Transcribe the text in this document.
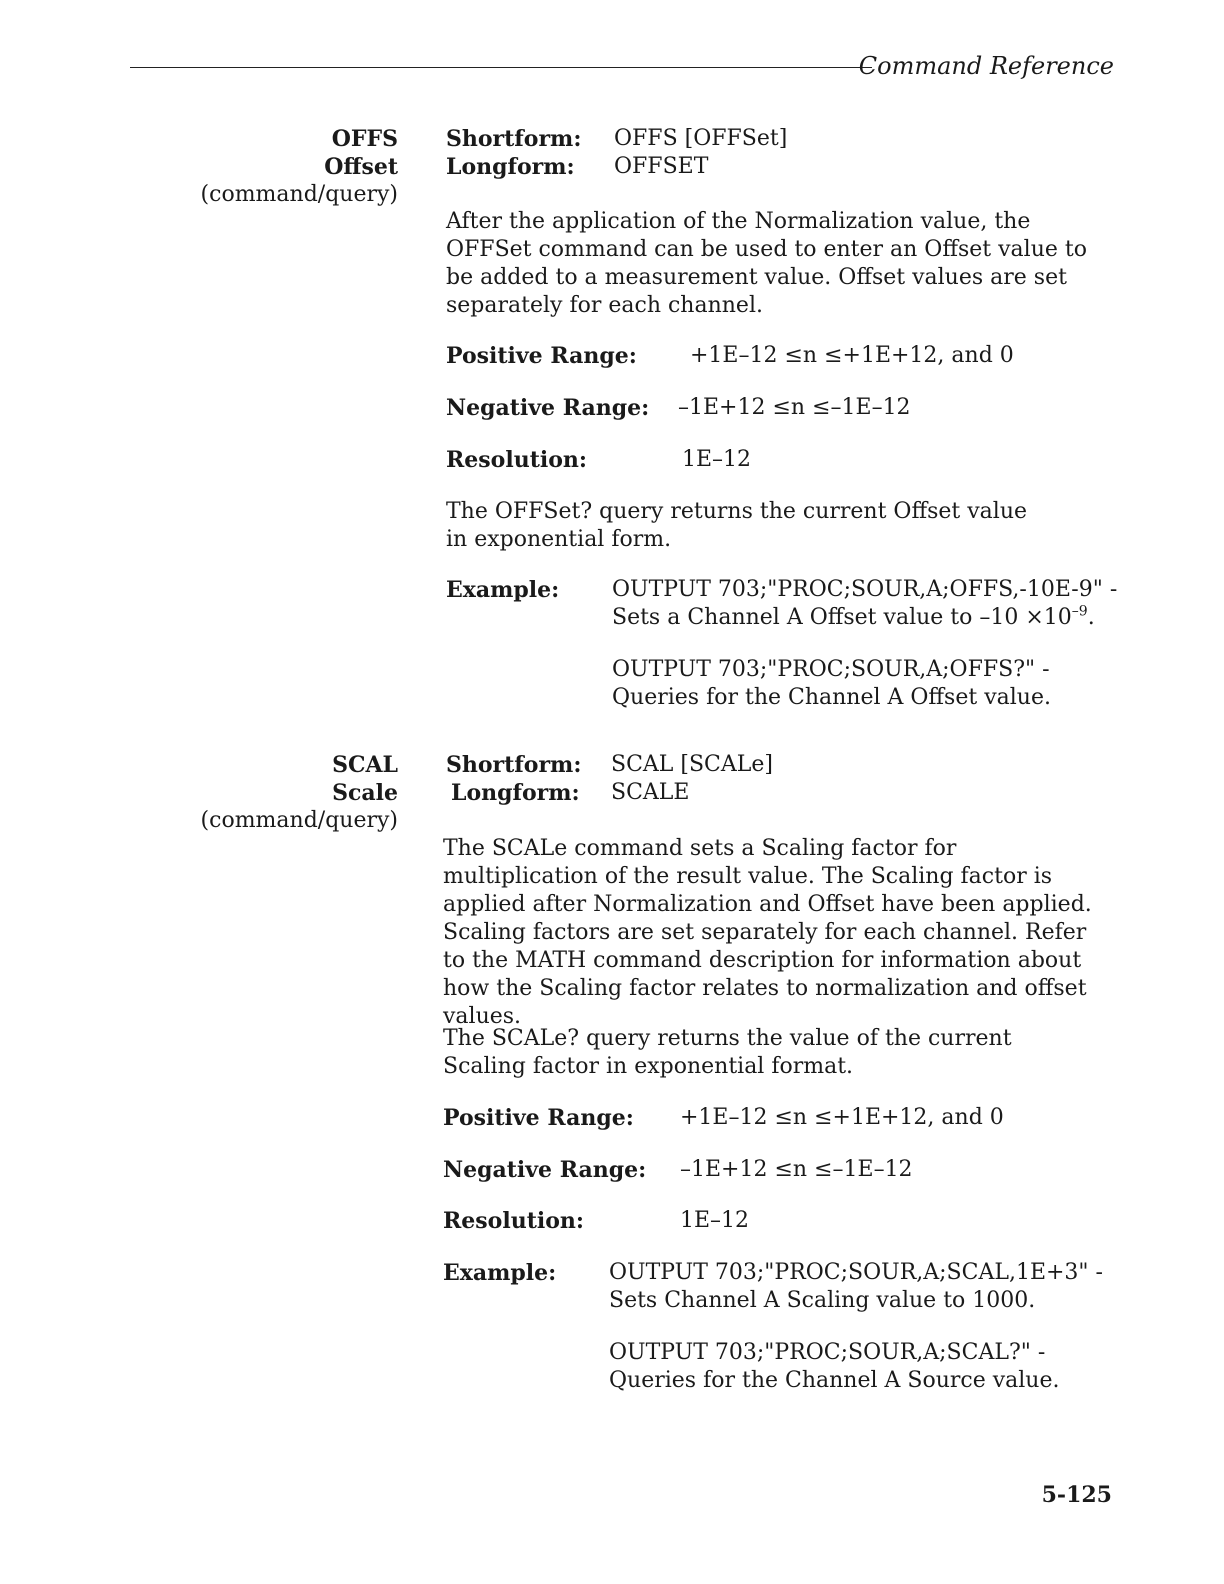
Command Reference
OFFS
Offset
(command/query)
Shortform: OFFS [OFFSet]
Longform: OFFSET
After the application of the Normalization value, the OFFSet command can be used to enter an Offset value to be added to a measurement value. Offset values are set separately for each channel.
Positive Range: +1E–12 ≤n ≤+1E+12, and 0
Negative Range: –1E+12 ≤n ≤–1E–12
Resolution:	1E–12
The OFFSet? query returns the current Offset value in exponential form.
Example: OUTPUT 703;"PROC;SOUR,A;OFFS,-10E-9" -
Sets a Channel A Offset value to $-10 \times 10^{-9}$.
OUTPUT 703;"PROC;SOUR,A;OFFS?" -
Queries for the Channel A Offset value.
SCAL
Scale
(command/query)
Shortform: SCAL [SCALe]
Longform: SCALE
The SCALe command sets a Scaling factor for multiplication of the result value. The Scaling factor is applied after Normalization and Offset have been applied. Scaling factors are set separately for each channel. Refer to the MATH command description for information about how the Scaling factor relates to normalization and offset values.
The SCALe? query returns the value of the current Scaling factor in exponential format.
Positive Range: +1E–12 ≤n ≤+1E+12, and 0
Negative Range: –1E+12 ≤n ≤–1E–12
Resolution:	1E–12
Example: OUTPUT 703;"PROC;SOUR,A;SCAL,1E+3" -
Sets Channel A Scaling value to 1000.
OUTPUT 703;"PROC;SOUR,A;SCAL?" -
Queries for the Channel A Source value.
5-125
